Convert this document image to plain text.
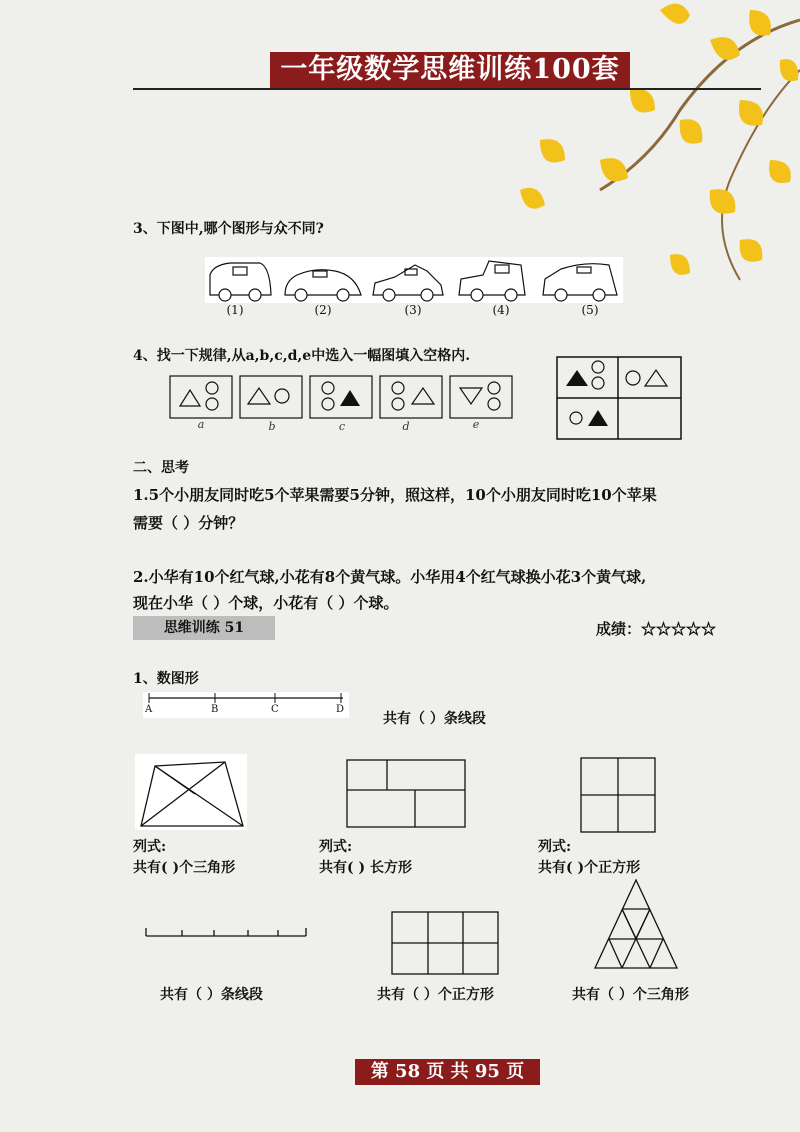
一年级数学思维训练100套
3、下图中,哪个图形与众不同?
(1)	(2)	(3)	(4)	(5)
4、找一下规律,从a,b,c,d,e中选入一幅图填入空格内.
a	b	c	d	e
二、思考
1.5个小朋友同时吃5个苹果需要5分钟，照这样，10个小朋友同时吃10个苹果
需要（ ）分钟？
2.小华有10个红气球,小花有8个黄气球。小华用4个红气球换小花3个黄气球,
现在小华（ ）个球，小花有（ ）个球。
思维训练 51	成绩：☆☆☆☆☆
1、数图形
A	B	C	D
共有（ ）条线段
列式:	列式:	列式:
共有( )个三角形	共有( ) 长方形	共有( )个正方形
共有（ ）条线段	共有（ ）个正方形	共有（ ）个三角形
第 58 页 共 95 页
